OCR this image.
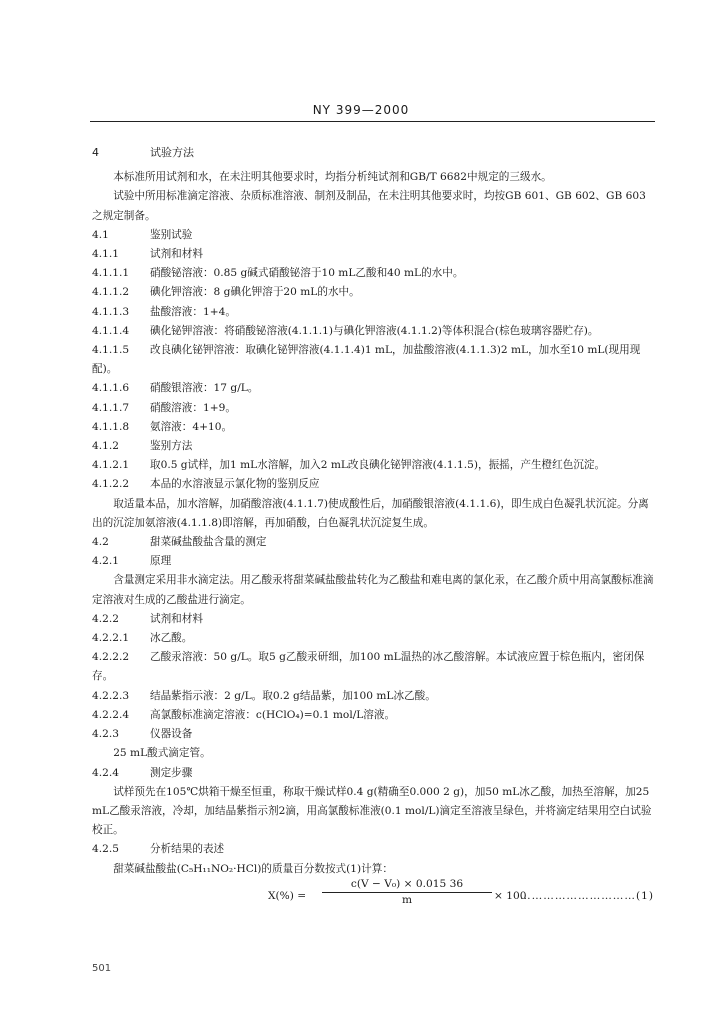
NY 399—2000

4	试验方法

本标准所用试剂和水，在未注明其他要求时，均指分析纯试剂和GB/T 6682中规定的三级水。

试验中所用标准滴定溶液、杂质标准溶液、制剂及制品，在未注明其他要求时，均按GB 601、GB 602、GB 603之规定制备。

4.1	鉴别试验

4.1.1	试剂和材料

4.1.1.1 硝酸铋溶液：0.85 g碱式硝酸铋溶于10 mL乙酸和40 mL的水中。

4.1.1.2 碘化钾溶液：8 g碘化钾溶于20 mL的水中。

4.1.1.3 盐酸溶液：1+4。

4.1.1.4 碘化铋钾溶液：将硝酸铋溶液(4.1.1.1)与碘化钾溶液(4.1.1.2)等体积混合(棕色玻璃容器贮存)。

4.1.1.5 改良碘化铋钾溶液：取碘化铋钾溶液(4.1.1.4)1 mL，加盐酸溶液(4.1.1.3)2 mL，加水至10 mL(现用现配)。

4.1.1.6 硝酸银溶液：17 g/L。

4.1.1.7 硝酸溶液：1+9。

4.1.1.8 氨溶液：4+10。

4.1.2	鉴别方法

4.1.2.1 取0.5 g试样，加1 mL水溶解，加入2 mL改良碘化铋钾溶液(4.1.1.5)，振摇，产生橙红色沉淀。

4.1.2.2 本品的水溶液显示氯化物的鉴别反应

取适量本品，加水溶解，加硝酸溶液(4.1.1.7)使成酸性后，加硝酸银溶液(4.1.1.6)，即生成白色凝乳状沉淀。分离出的沉淀加氨溶液(4.1.1.8)即溶解，再加硝酸，白色凝乳状沉淀复生成。

4.2	甜菜碱盐酸盐含量的测定

4.2.1	原理

含量测定采用非水滴定法。用乙酸汞将甜菜碱盐酸盐转化为乙酸盐和难电离的氯化汞，在乙酸介质中用高氯酸标准滴定溶液对生成的乙酸盐进行滴定。

4.2.2	试剂和材料

4.2.2.1 冰乙酸。

4.2.2.2 乙酸汞溶液：50 g/L。取5 g乙酸汞研细，加100 mL温热的冰乙酸溶解。本试液应置于棕色瓶内，密闭保存。

4.2.2.3 结晶紫指示液：2 g/L。取0.2 g结晶紫，加100 mL冰乙酸。

4.2.2.4 高氯酸标准滴定溶液：c(HClO₄)=0.1 mol/L溶液。

4.2.3	仪器设备

25 mL酸式滴定管。

4.2.4	测定步骤

试样预先在105℃烘箱干燥至恒重，称取干燥试样0.4 g(精确至0.000 2 g)，加50 mL冰乙酸，加热至溶解，加25 mL乙酸汞溶液，冷却，加结晶紫指示剂2滴，用高氯酸标准液(0.1 mol/L)滴定至溶液呈绿色，并将滴定结果用空白试验校正。

4.2.5	分析结果的表述

甜菜碱盐酸盐(C₅H₁₁NO₂·HCl)的质量百分数按式(1)计算：

$X(\%) = \frac{\text{c(V − V₀) × 0.015 36}}{m} \times 100$
…………………………(1)
501
